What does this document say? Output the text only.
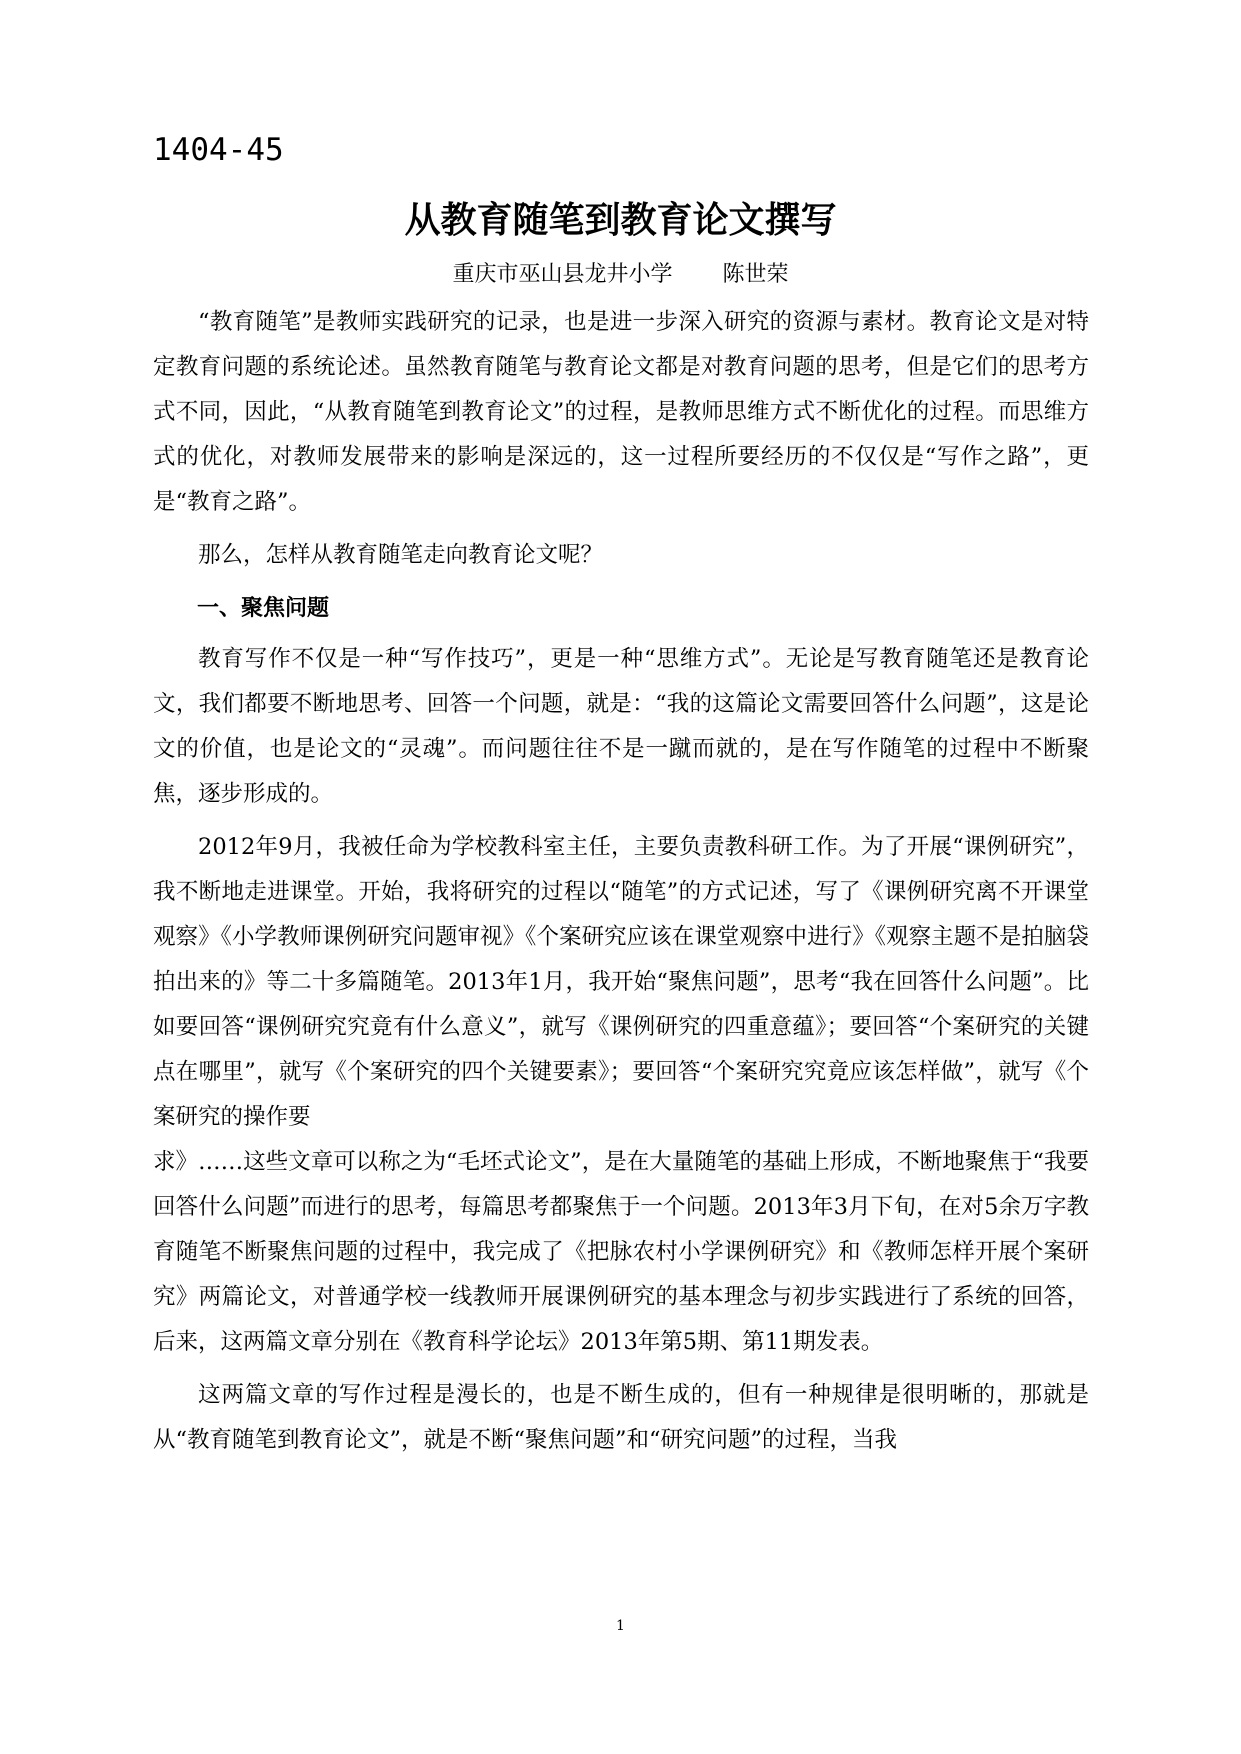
1404-45
从教育随笔到教育论文撰写
重庆市巫山县龙井小学 陈世荣

“教育随笔”是教师实践研究的记录，也是进一步深入研究的资源与素材。教育论文是对特定教育问题的系统论述。虽然教育随笔与教育论文都是对教育问题的思考，但是它们的思考方式不同，因此，“从教育随笔到教育论文”的过程，是教师思维方式不断优化的过程。而思维方式的优化，对教师发展带来的影响是深远的，这一过程所要经历的不仅仅是“写作之路”，更是“教育之路”。

那么，怎样从教育随笔走向教育论文呢？

一、聚焦问题

教育写作不仅是一种“写作技巧”，更是一种“思维方式”。无论是写教育随笔还是教育论文，我们都要不断地思考、回答一个问题，就是：“我的这篇论文需要回答什么问题”，这是论文的价值，也是论文的“灵魂”。而问题往往不是一蹴而就的，是在写作随笔的过程中不断聚焦，逐步形成的。

2012年9月，我被任命为学校教科室主任，主要负责教科研工作。为了开展“课例研究”，我不断地走进课堂。开始，我将研究的过程以“随笔”的方式记述，写了《课例研究离不开课堂观察》《小学教师课例研究问题审视》《个案研究应该在课堂观察中进行》《观察主题不是拍脑袋拍出来的》等二十多篇随笔。2013年1月，我开始“聚焦问题”，思考“我在回答什么问题”。比如要回答“课例研究究竟有什么意义”，就写《课例研究的四重意蕴》；要回答“个案研究的关键点在哪里”，就写《个案研究的四个关键要素》；要回答“个案研究究竟应该怎样做”，就写《个案研究的操作要

求》……这些文章可以称之为“毛坯式论文”，是在大量随笔的基础上形成，不断地聚焦于“我要回答什么问题”而进行的思考，每篇思考都聚焦于一个问题。2013年3月下旬，在对5余万字教育随笔不断聚焦问题的过程中，我完成了《把脉农村小学课例研究》和《教师怎样开展个案研究》两篇论文，对普通学校一线教师开展课例研究的基本理念与初步实践进行了系统的回答，后来，这两篇文章分别在《教育科学论坛》2013年第5期、第11期发表。

这两篇文章的写作过程是漫长的，也是不断生成的，但有一种规律是很明晰的，那就是从“教育随笔到教育论文”，就是不断“聚焦问题”和“研究问题”的过程，当我

1
